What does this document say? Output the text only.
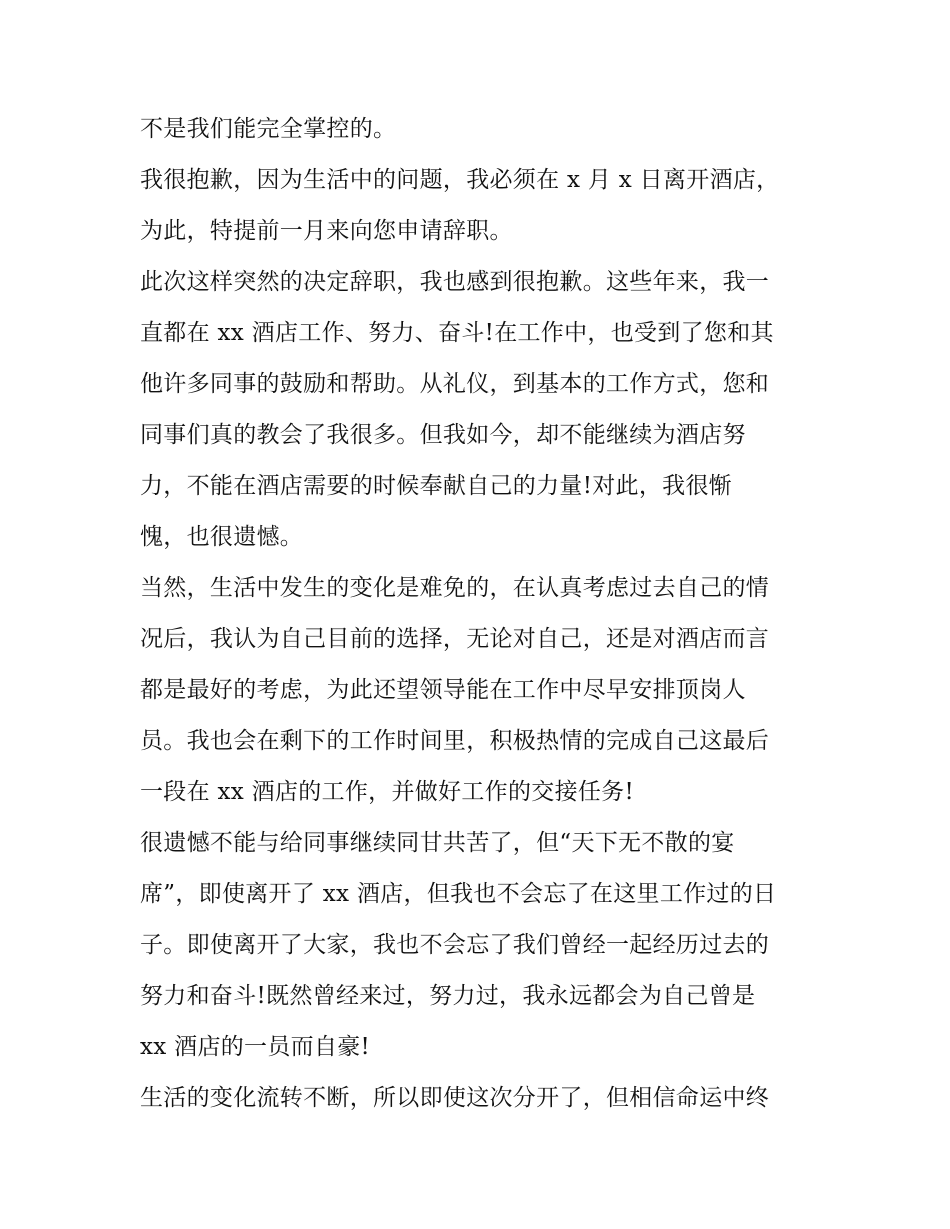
不是我们能完全掌控的。
我很抱歉，因为生活中的问题，我必须在 x 月 x 日离开酒店，
为此，特提前一月来向您申请辞职。
此次这样突然的决定辞职，我也感到很抱歉。这些年来，我一
直都在 xx 酒店工作、努力、奋斗!在工作中，也受到了您和其
他许多同事的鼓励和帮助。从礼仪，到基本的工作方式，您和
同事们真的教会了我很多。但我如今，却不能继续为酒店努
力，不能在酒店需要的时候奉献自己的力量!对此，我很惭
愧，也很遗憾。
当然，生活中发生的变化是难免的，在认真考虑过去自己的情
况后，我认为自己目前的选择，无论对自己，还是对酒店而言
都是最好的考虑，为此还望领导能在工作中尽早安排顶岗人
员。我也会在剩下的工作时间里，积极热情的完成自己这最后
一段在 xx 酒店的工作，并做好工作的交接任务!
很遗憾不能与给同事继续同甘共苦了，但“天下无不散的宴
席”，即使离开了 xx 酒店，但我也不会忘了在这里工作过的日
子。即使离开了大家，我也不会忘了我们曾经一起经历过去的
努力和奋斗!既然曾经来过，努力过，我永远都会为自己曾是
xx 酒店的一员而自豪!
生活的变化流转不断，所以即使这次分开了，但相信命运中终
